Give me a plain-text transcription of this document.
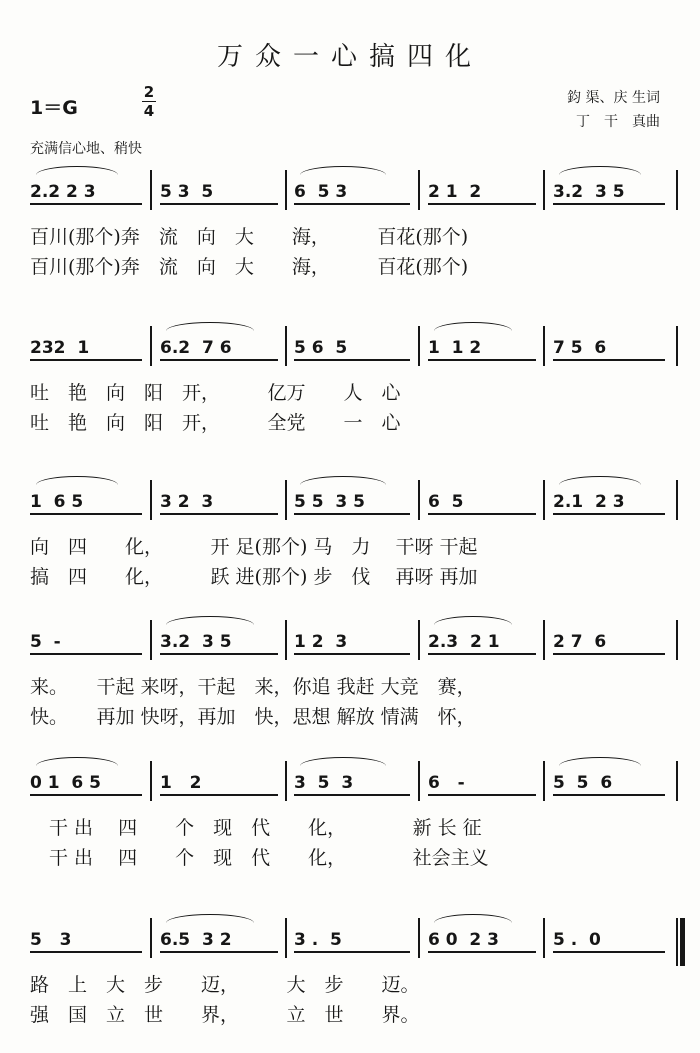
万众一心搞四化
1＝G
2
4
鈞 渠、庆 生词
丁　干　真曲
充满信心地、稍快
2.2 2 3	5 3  5	6  5 3	2 1  2	3.2  3 5
百川(那个)奔　流　向　大　　海，　　　百花(那个)
百川(那个)奔　流　向　大　　海，　　　百花(那个)
232  1	6.2  7 6	5 6  5	1  1 2	7 5  6
吐　艳　向　阳　开，　　　亿万　　人　心
吐　艳　向　阳　开，　　　全党　　一　心
1  6 5	3 2  3	5 5  3 5	6  5	2.1  2 3
向　四　　化，　　　开 足(那个) 马　力　 干呀 干起
搞　四　　化，　　　跃 进(那个) 步　伐　 再呀 再加
5  -	3.2  3 5	1 2  3	2.3  2 1	2 7  6
来。　　干起 来呀，干起　来，你追 我赶 大竞　赛，
快。　　再加 快呀，再加　快，思想 解放 情满　怀，
0 1  6 5	1   2	3  5  3	6   -	5  5  6
　干 出　 四　　个　现　代　　化，　　　　新 长 征
　干 出　 四　　个　现　代　　化，　　　　社会主义
5   3	6.5  3 2	3 .  5	6 0  2 3	5 .  0
路　上　大　步　　迈，　　　大　步　　迈。
强　国　立　世　　界，　　　立　世　　界。
